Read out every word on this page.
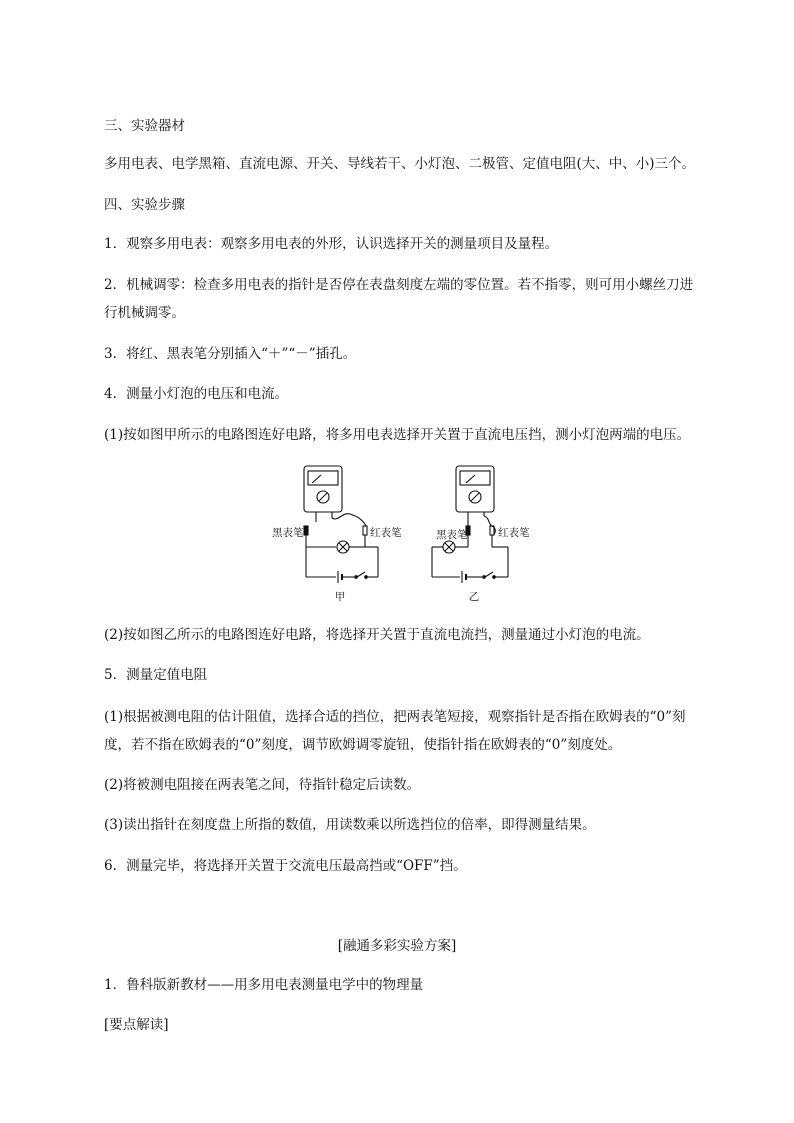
三、实验器材
多用电表、电学黑箱、直流电源、开关、导线若干、小灯泡、二极管、定值电阻(大、中、小)三个。
四、实验步骤
1．观察多用电表：观察多用电表的外形，认识选择开关的测量项目及量程。
2．机械调零：检查多用电表的指针是否停在表盘刻度左端的零位置。若不指零，则可用小螺丝刀进
行机械调零。
3．将红、黑表笔分别插入“＋”“－”插孔。
4．测量小灯泡的电压和电流。
(1)按如图甲所示的电路图连好电路，将多用电表选择开关置于直流电压挡，测小灯泡两端的电压。
黑表笔	红表笔
甲
黑表笔	红表笔
乙
(2)按如图乙所示的电路图连好电路，将选择开关置于直流电流挡，测量通过小灯泡的电流。
5．测量定值电阻
(1)根据被测电阻的估计阻值，选择合适的挡位，把两表笔短接，观察指针是否指在欧姆表的“0”刻
度，若不指在欧姆表的“0”刻度，调节欧姆调零旋钮，使指针指在欧姆表的“0”刻度处。
(2)将被测电阻接在两表笔之间，待指针稳定后读数。
(3)读出指针在刻度盘上所指的数值，用读数乘以所选挡位的倍率，即得测量结果。
6．测量完毕，将选择开关置于交流电压最高挡或“OFF”挡。
[融通多彩实验方案]
1．鲁科版新教材——用多用电表测量电学中的物理量
[要点解读]
